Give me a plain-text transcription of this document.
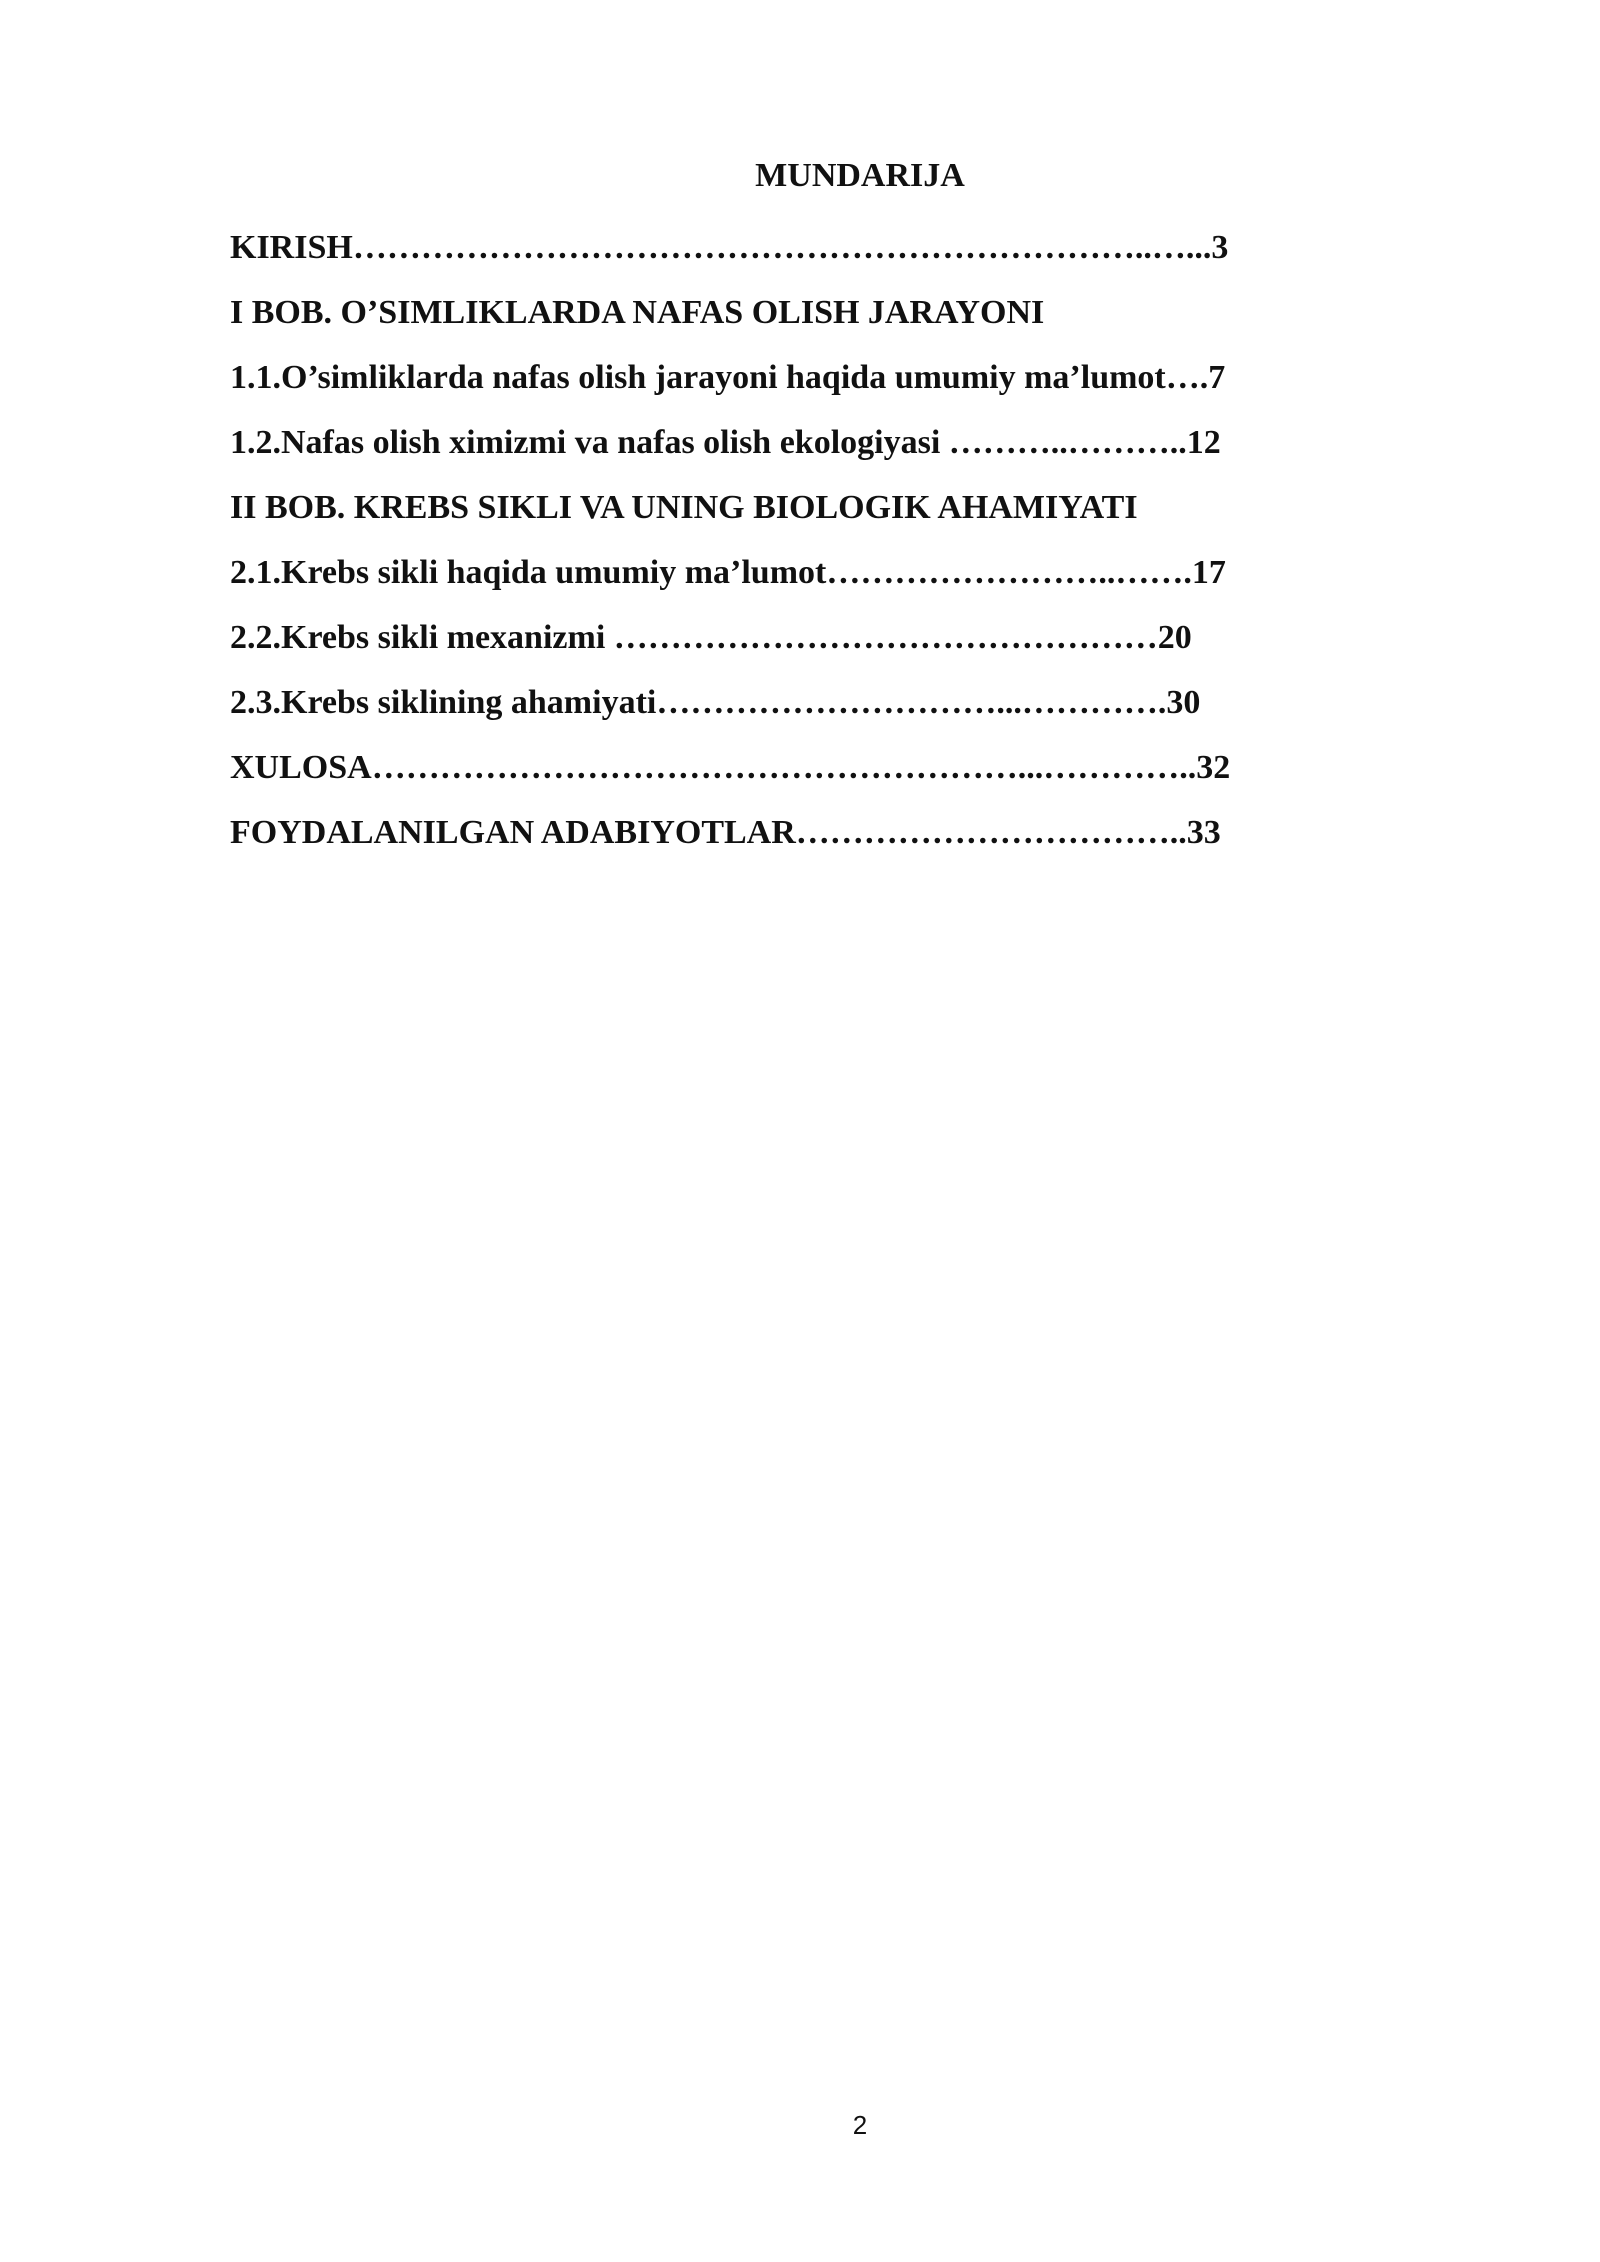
MUNDARIJA
KIRISH……………………………………………………………..…...3
I BOB. O’SIMLIKLARDA NAFAS OLISH JARAYONI
1.1.O’simliklarda nafas olish jarayoni haqida umumiy ma’lumot….7
1.2.Nafas olish ximizmi va nafas olish ekologiyasi ………..………..12
II BOB. KREBS SIKLI VA UNING BIOLOGIK AHAMIYATI
2.1.Krebs sikli haqida umumiy ma’lumot……………………..…….17
2.2.Krebs sikli mexanizmi …………………………………………20
2.3.Krebs siklining ahamiyati…………………………...………….30
XULOSA…………………………………………………...…………..32
FOYDALANILGAN ADABIYOTLAR……………………………..33
2
